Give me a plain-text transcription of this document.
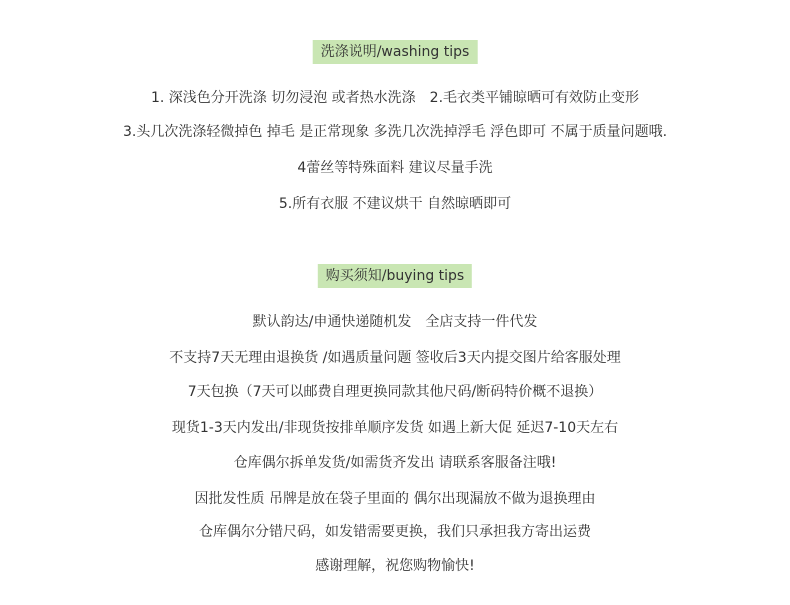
洗涤说明/washing tips
1. 深浅色分开洗涤 切勿浸泡 或者热水洗涤 2.毛衣类平铺晾晒可有效防止变形
3.头几次洗涤轻微掉色 掉毛 是正常现象 多洗几次洗掉浮毛 浮色即可 不属于质量问题哦.
4蕾丝等特殊面料 建议尽量手洗
5.所有衣服 不建议烘干 自然晾晒即可
购买须知/buying tips
默认韵达/申通快递随机发 全店支持一件代发
不支持7天无理由退换货 /如遇质量问题 签收后3天内提交图片给客服处理
7天包换（7天可以邮费自理更换同款其他尺码/断码特价概不退换）
现货1-3天内发出/非现货按排单顺序发货 如遇上新大促 延迟7-10天左右
仓库偶尔拆单发货/如需货齐发出 请联系客服备注哦!
因批发性质 吊牌是放在袋子里面的 偶尔出现漏放不做为退换理由
仓库偶尔分错尺码，如发错需要更换，我们只承担我方寄出运费
感谢理解，祝您购物愉快!
